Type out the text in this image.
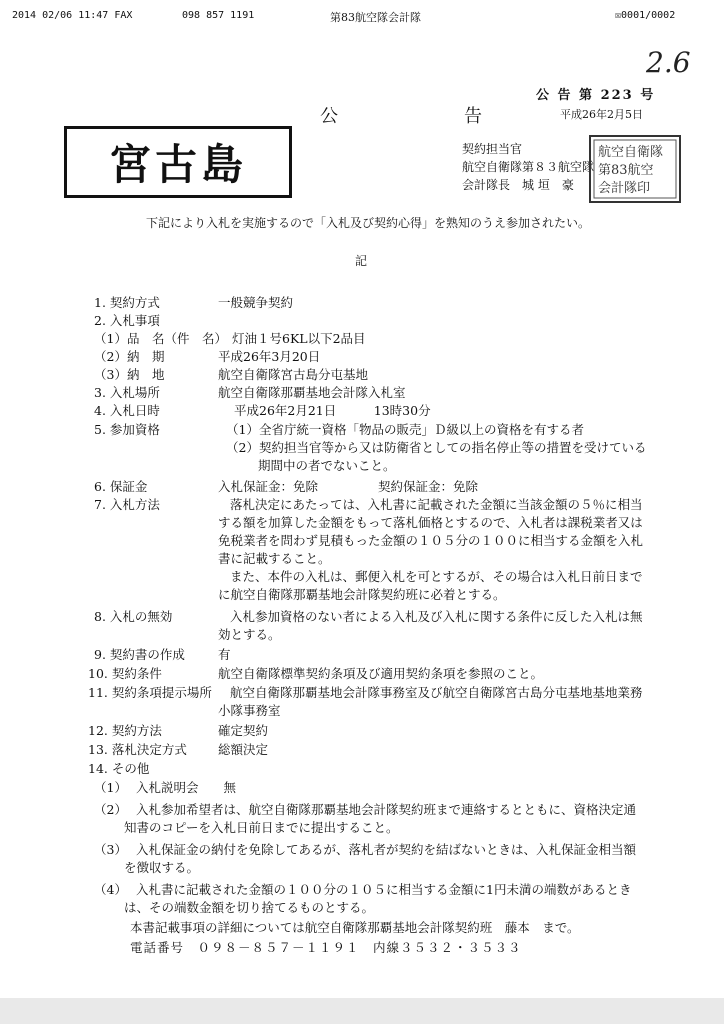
2014 02/06 11:47 FAX	098 857 1191	第83航空隊会計隊	☒0001/0002
2.6
公 告 第 223 号
平成26年2月5日
公　　告
宮古島	契約担当官
航空自衛隊第８３航空隊
会計隊長　城 垣　豪
航空自衛隊
第83航空
会計隊印
下記により入札を実施するので「入札及び契約心得」を熟知のうえ参加されたい。
記
1. 契約方式	一般競争契約
2. 入札事項
（1）品　名（件　名） 灯油１号6KL以下2品目
（2）納　期	平成26年3月20日
（3）納　地	航空自衛隊宮古島分屯基地
3. 入札場所	航空自衛隊那覇基地会計隊入札室
4. 入札日時	平成26年2月21日　　　13時30分
5. 参加資格	（1）全省庁統一資格「物品の販売」Ｄ級以上の資格を有する者
（2）契約担当官等から又は防衛省としての指名停止等の措置を受けている
期間中の者でないこと。
6. 保証金	入札保証金：免除	契約保証金：免除
7. 入札方法	落札決定にあたっては、入札書に記載された金額に当該金額の５％に相当
する額を加算した金額をもって落札価格とするので、入札者は課税業者又は
免税業者を問わず見積もった金額の１０５分の１００に相当する金額を入札
書に記載すること。
また、本件の入札は、郵便入札を可とするが、その場合は入札日前日まで
に航空自衛隊那覇基地会計隊契約班に必着とする。
8. 入札の無効	入札参加資格のない者による入札及び入札に関する条件に反した入札は無
効とする。
9. 契約書の作成	有
10. 契約条件	航空自衛隊標準契約条項及び適用契約条項を参照のこと。
11. 契約条項提示場所 航空自衛隊那覇基地会計隊事務室及び航空自衛隊宮古島分屯基地基地業務
小隊事務室
12. 契約方法	確定契約
13. 落札決定方式 総額決定
14. その他
（1） 入札説明会　　無
（2） 入札参加希望者は、航空自衛隊那覇基地会計隊契約班まで連絡するとともに、資格決定通
知書のコピーを入札日前日までに提出すること。
（3） 入札保証金の納付を免除してあるが、落札者が契約を結ばないときは、入札保証金相当額
を徴収する。
（4） 入札書に記載された金額の１００分の１０５に相当する金額に1円未満の端数があるとき
は、その端数金額を切り捨てるものとする。
本書記載事項の詳細については航空自衛隊那覇基地会計隊契約班　藤本　まで。
電話番号　０９８－８５７－１１９１　内線３５３２・３５３３
